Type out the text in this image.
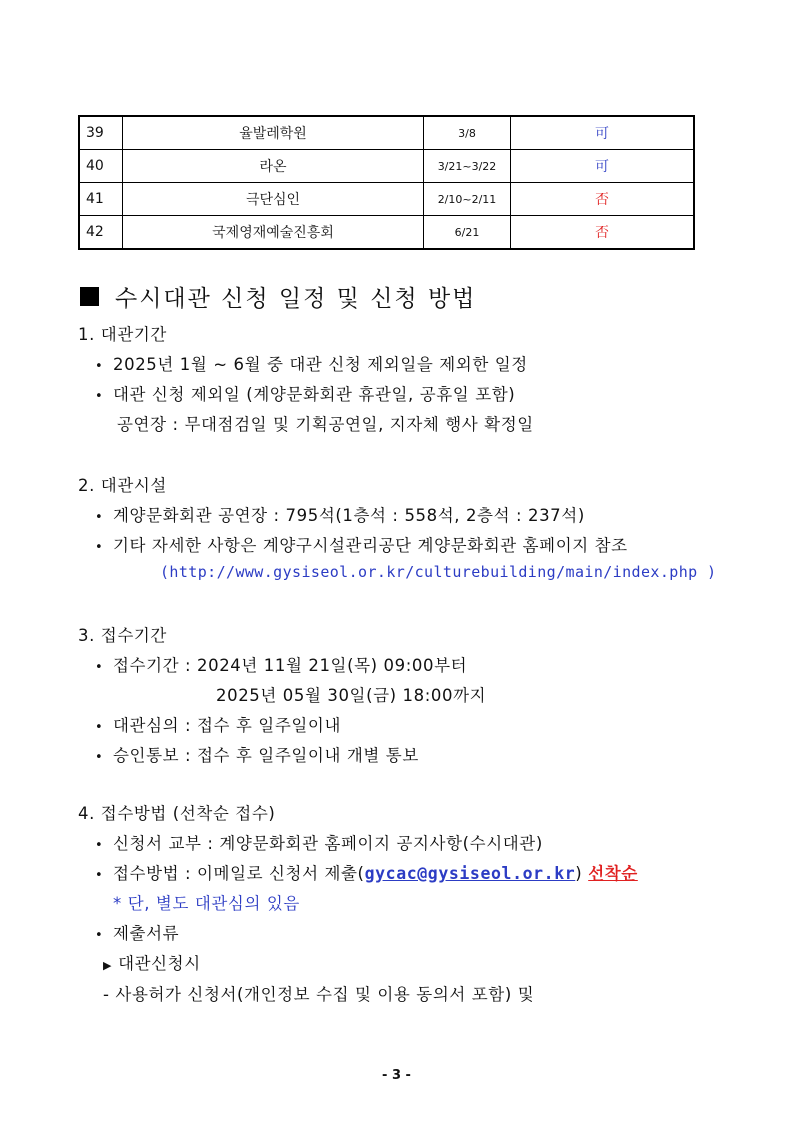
39	율발레학원	3/8	可
40	라온	3/21~3/22	可
41	극단심인	2/10~2/11	否
42	국제영재예술진흥회	6/21	否
수시대관 신청 일정 및 신청 방법
1. 대관기간
• 2025년 1월 ~ 6월 중 대관 신청 제외일을 제외한 일정
• 대관 신청 제외일 (계양문화회관 휴관일, 공휴일 포함)
공연장 : 무대점검일 및 기획공연일, 지자체 행사 확정일
2. 대관시설
• 계양문화회관 공연장 : 795석(1층석 : 558석, 2층석 : 237석)
• 기타 자세한 사항은 계양구시설관리공단 계양문화회관 홈페이지 참조
(http://www.gysiseol.or.kr/culturebuilding/main/index.php )
3. 접수기간
• 접수기간 : 2024년 11월 21일(목) 09:00부터
2025년 05월 30일(금) 18:00까지
• 대관심의 : 접수 후 일주일이내
• 승인통보 : 접수 후 일주일이내 개별 통보
4. 접수방법 (선착순 접수)
• 신청서 교부 : 계양문화회관 홈페이지 공지사항(수시대관)
• 접수방법 : 이메일로 신청서 제출(gycac@gysiseol.or.kr) 선착순
* 단, 별도 대관심의 있음
• 제출서류
▶ 대관신청시
- 사용허가 신청서(개인정보 수집 및 이용 동의서 포함) 및
- 3 -
